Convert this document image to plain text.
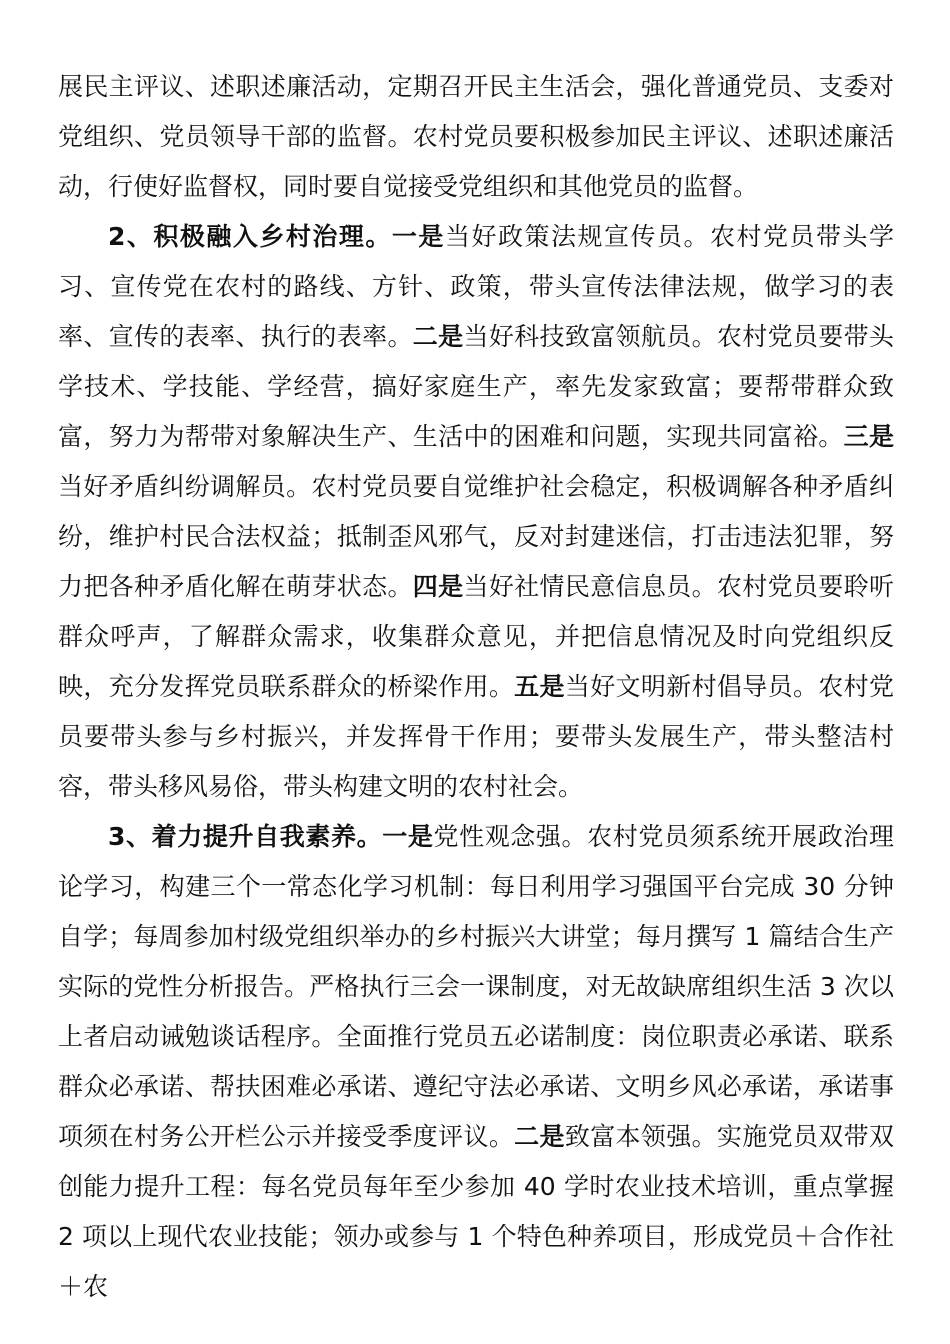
展民主评议、述职述廉活动，定期召开民主生活会，强化普通党员、支委对党组织、党员领导干部的监督。农村党员要积极参加民主评议、述职述廉活动，行使好监督权，同时要自觉接受党组织和其他党员的监督。

2、积极融入乡村治理。一是当好政策法规宣传员。农村党员带头学习、宣传党在农村的路线、方针、政策，带头宣传法律法规，做学习的表率、宣传的表率、执行的表率。二是当好科技致富领航员。农村党员要带头学技术、学技能、学经营，搞好家庭生产，率先发家致富；要帮带群众致富，努力为帮带对象解决生产、生活中的困难和问题，实现共同富裕。三是当好矛盾纠纷调解员。农村党员要自觉维护社会稳定，积极调解各种矛盾纠纷，维护村民合法权益；抵制歪风邪气，反对封建迷信，打击违法犯罪，努力把各种矛盾化解在萌芽状态。四是当好社情民意信息员。农村党员要聆听群众呼声，了解群众需求，收集群众意见，并把信息情况及时向党组织反映，充分发挥党员联系群众的桥梁作用。五是当好文明新村倡导员。农村党员要带头参与乡村振兴，并发挥骨干作用；要带头发展生产，带头整洁村容，带头移风易俗，带头构建文明的农村社会。

3、着力提升自我素养。一是党性观念强。农村党员须系统开展政治理论学习，构建三个一常态化学习机制：每日利用学习强国平台完成 30 分钟自学；每周参加村级党组织举办的乡村振兴大讲堂；每月撰写 1 篇结合生产实际的党性分析报告。严格执行三会一课制度，对无故缺席组织生活 3 次以上者启动诫勉谈话程序。全面推行党员五必诺制度：岗位职责必承诺、联系群众必承诺、帮扶困难必承诺、遵纪守法必承诺、文明乡风必承诺，承诺事项须在村务公开栏公示并接受季度评议。二是致富本领强。实施党员双带双创能力提升工程：每名党员每年至少参加 40 学时农业技术培训，重点掌握 2 项以上现代农业技能；领办或参与 1 个特色种养项目，形成党员＋合作社＋农
